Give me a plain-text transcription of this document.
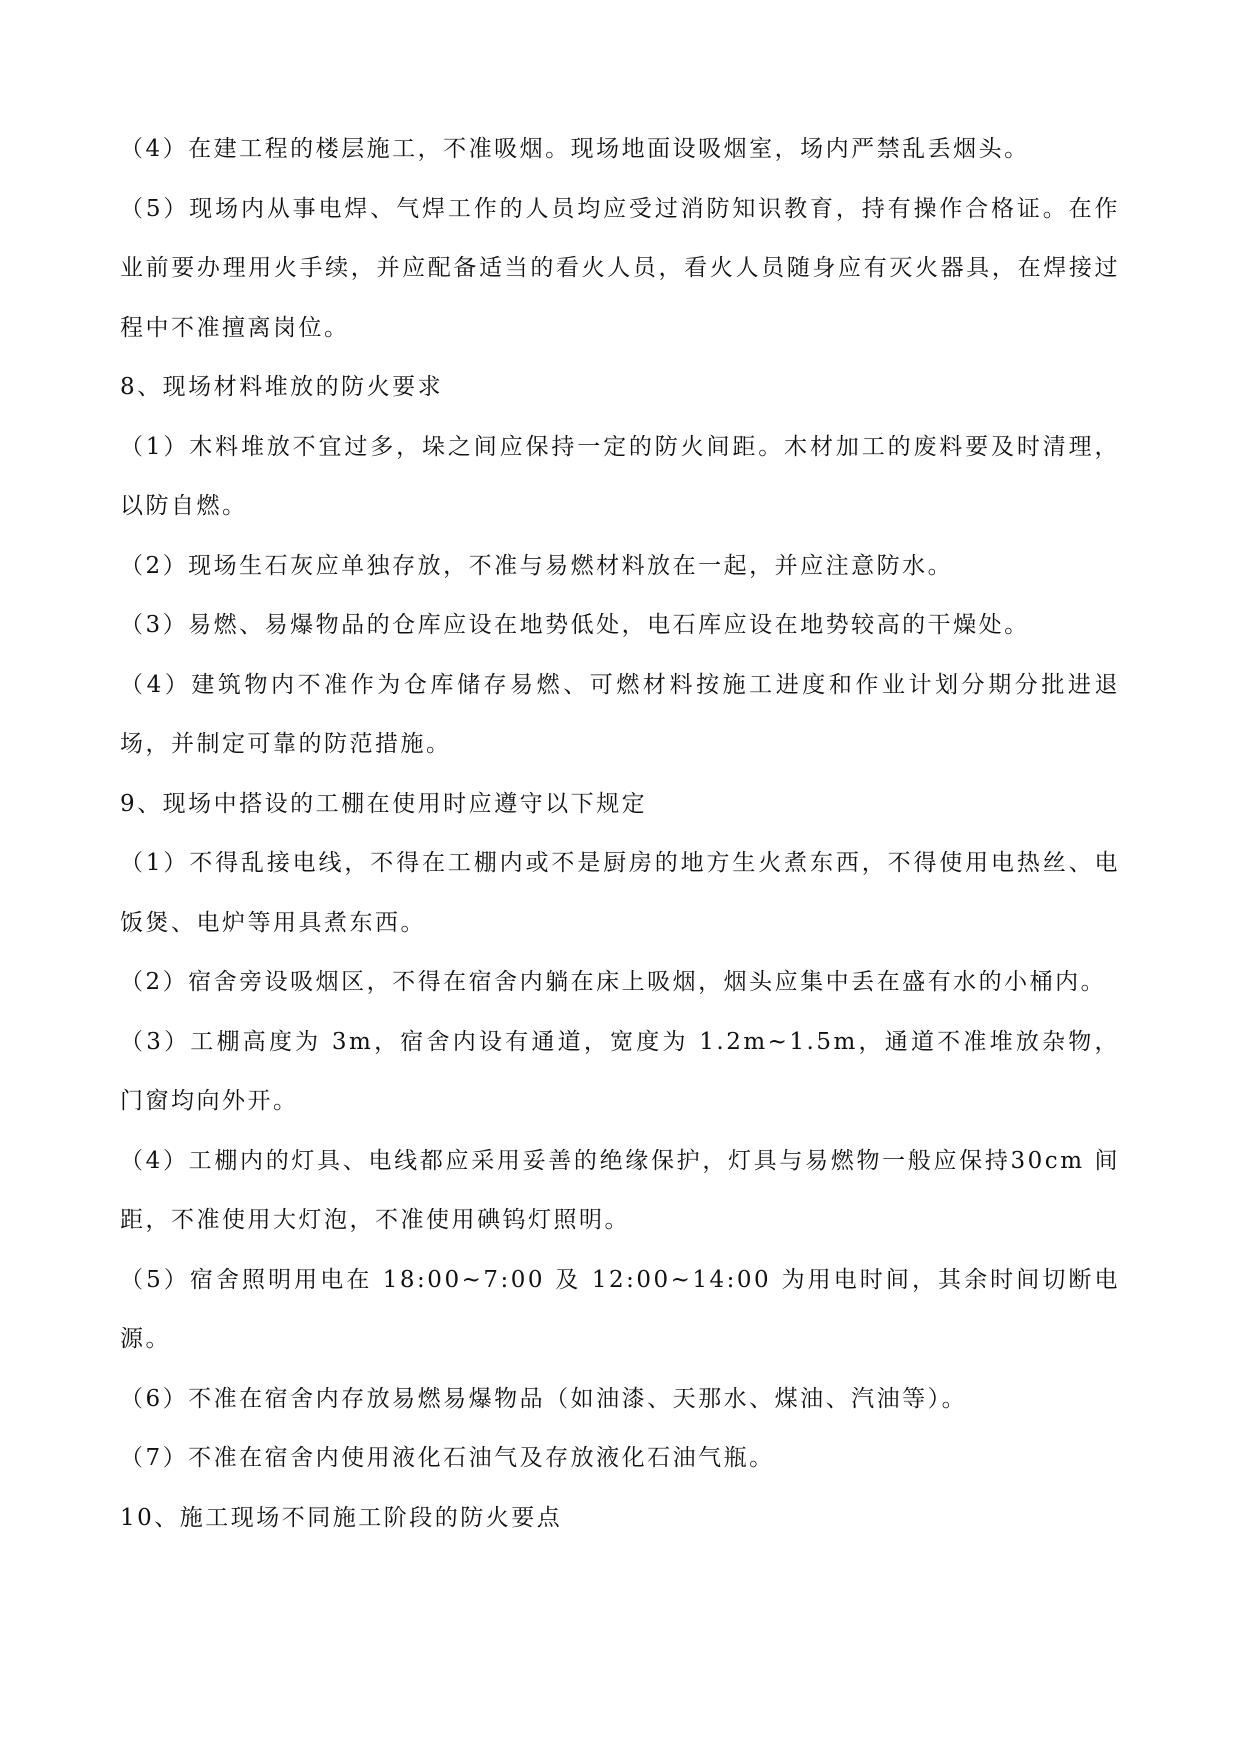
（4）在建工程的楼层施工，不准吸烟。现场地面设吸烟室，场内严禁乱丢烟头。

（5）现场内从事电焊、气焊工作的人员均应受过消防知识教育，持有操作合格证。在作业前要办理用火手续，并应配备适当的看火人员，看火人员随身应有灭火器具，在焊接过程中不准擅离岗位。

8、现场材料堆放的防火要求

（1）木料堆放不宜过多，垛之间应保持一定的防火间距。木材加工的废料要及时清理，以防自燃。

（2）现场生石灰应单独存放，不准与易燃材料放在一起，并应注意防水。

（3）易燃、易爆物品的仓库应设在地势低处，电石库应设在地势较高的干燥处。

（4）建筑物内不准作为仓库储存易燃、可燃材料按施工进度和作业计划分期分批进退场，并制定可靠的防范措施。

9、现场中搭设的工棚在使用时应遵守以下规定

（1）不得乱接电线，不得在工棚内或不是厨房的地方生火煮东西，不得使用电热丝、电饭煲、电炉等用具煮东西。

（2）宿舍旁设吸烟区，不得在宿舍内躺在床上吸烟，烟头应集中丢在盛有水的小桶内。

（3）工棚高度为 3m，宿舍内设有通道，宽度为 1.2m~1.5m，通道不准堆放杂物，门窗均向外开。

（4）工棚内的灯具、电线都应采用妥善的绝缘保护，灯具与易燃物一般应保持30cm 间距，不准使用大灯泡，不准使用碘钨灯照明。

（5）宿舍照明用电在 18:00~7:00 及 12:00~14:00 为用电时间，其余时间切断电源。

（6）不准在宿舍内存放易燃易爆物品（如油漆、天那水、煤油、汽油等）。

（7）不准在宿舍内使用液化石油气及存放液化石油气瓶。

10、施工现场不同施工阶段的防火要点
